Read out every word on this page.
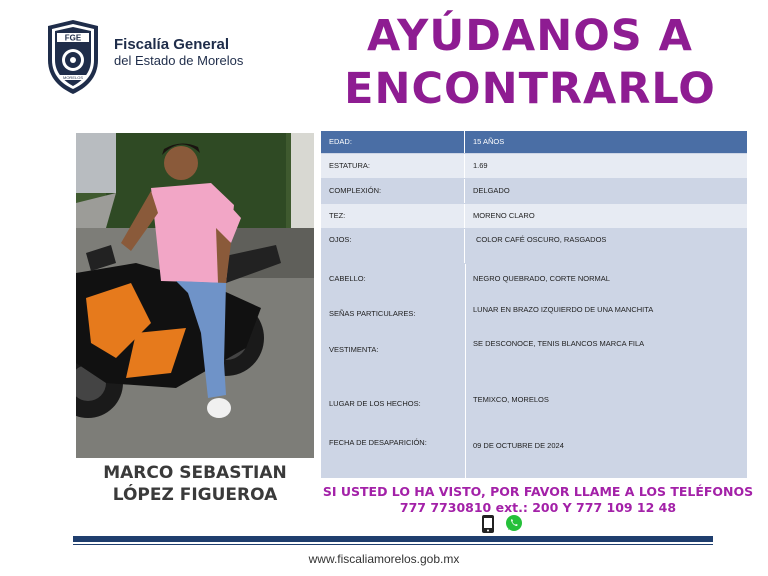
FGE
MORELOS
Fiscalía General
del Estado de Morelos	AYÚDANOS A
ENCONTRARLO
MARCO SEBASTIAN
LÓPEZ FIGUEROA
EDAD:	15 AÑOS
ESTATURA:	1.69
COMPLEXIÓN:	DELGADO
TEZ:	MORENO CLARO
OJOS:	COLOR CAFÉ OSCURO, RASGADOS
CABELLO:	NEGRO QUEBRADO, CORTE NORMAL
SEÑAS PARTICULARES:	LUNAR EN BRAZO IZQUIERDO DE UNA MANCHITA
VESTIMENTA:
SE DESCONOCE, TENIS BLANCOS MARCA FILA
LUGAR DE LOS HECHOS:	TEMIXCO, MORELOS
FECHA DE DESAPARICIÓN:	09 DE OCTUBRE DE 2024
SI USTED LO HA VISTO, POR FAVOR LLAME A LOS TELÉFONOS
777 7730810 ext.: 200 Y 777 109 12 48
www.fiscaliamorelos.gob.mx
